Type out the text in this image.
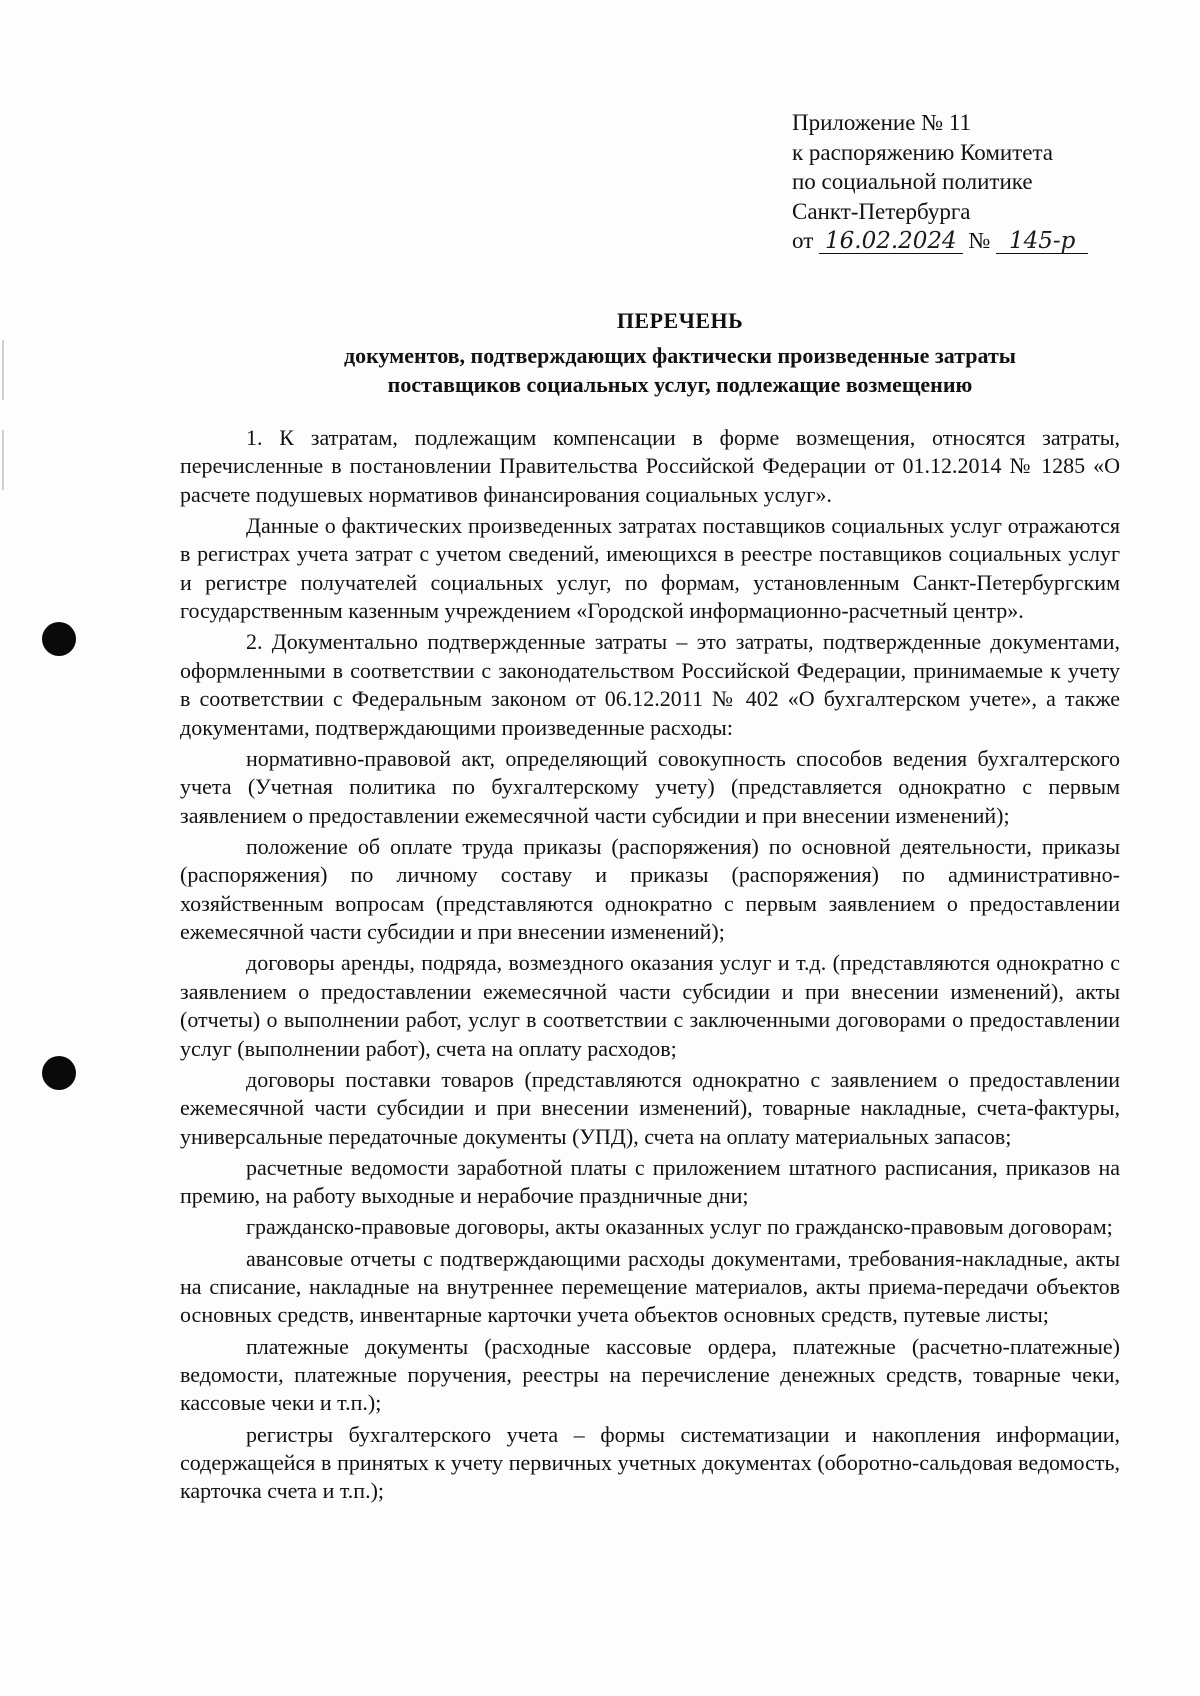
Приложение № 11
к распоряжению Комитета
по социальной политике
Санкт-Петербурга
от 16.02.2024 № 145-р
ПЕРЕЧЕНЬ
документов, подтверждающих фактически произведенные затраты
поставщиков социальных услуг, подлежащие возмещению

1. К затратам, подлежащим компенсации в форме возмещения, относятся затраты, перечисленные в постановлении Правительства Российской Федерации от 01.12.2014 № 1285 «О расчете подушевых нормативов финансирования социальных услуг».

Данные о фактических произведенных затратах поставщиков социальных услуг отражаются в регистрах учета затрат с учетом сведений, имеющихся в реестре поставщиков социальных услуг и регистре получателей социальных услуг, по формам, установленным Санкт-Петербургским государственным казенным учреждением «Городской информационно-расчетный центр».

2. Документально подтвержденные затраты – это затраты, подтвержденные документами, оформленными в соответствии с законодательством Российской Федерации, принимаемые к учету в соответствии с Федеральным законом от 06.12.2011 № 402 «О бухгалтерском учете», а также документами, подтверждающими произведенные расходы:

нормативно-правовой акт, определяющий совокупность способов ведения бухгалтерского учета (Учетная политика по бухгалтерскому учету) (представляется однократно с первым заявлением о предоставлении ежемесячной части субсидии и при внесении изменений);

положение об оплате труда приказы (распоряжения) по основной деятельности, приказы (распоряжения) по личному составу и приказы (распоряжения) по административно-хозяйственным вопросам (представляются однократно с первым заявлением о предоставлении ежемесячной части субсидии и при внесении изменений);

договоры аренды, подряда, возмездного оказания услуг и т.д. (представляются однократно с заявлением о предоставлении ежемесячной части субсидии и при внесении изменений), акты (отчеты) о выполнении работ, услуг в соответствии с заключенными договорами о предоставлении услуг (выполнении работ), счета на оплату расходов;

договоры поставки товаров (представляются однократно с заявлением о предоставлении ежемесячной части субсидии и при внесении изменений), товарные накладные, счета-фактуры, универсальные передаточные документы (УПД), счета на оплату материальных запасов;

расчетные ведомости заработной платы с приложением штатного расписания, приказов на премию, на работу выходные и нерабочие праздничные дни;

гражданско-правовые договоры, акты оказанных услуг по гражданско-правовым договорам;

авансовые отчеты с подтверждающими расходы документами, требования-накладные, акты на списание, накладные на внутреннее перемещение материалов, акты приема-передачи объектов основных средств, инвентарные карточки учета объектов основных средств, путевые листы;

платежные документы (расходные кассовые ордера, платежные (расчетно-платежные) ведомости, платежные поручения, реестры на перечисление денежных средств, товарные чеки, кассовые чеки и т.п.);

регистры бухгалтерского учета – формы систематизации и накопления информации, содержащейся в принятых к учету первичных учетных документах (оборотно-сальдовая ведомость, карточка счета и т.п.);
